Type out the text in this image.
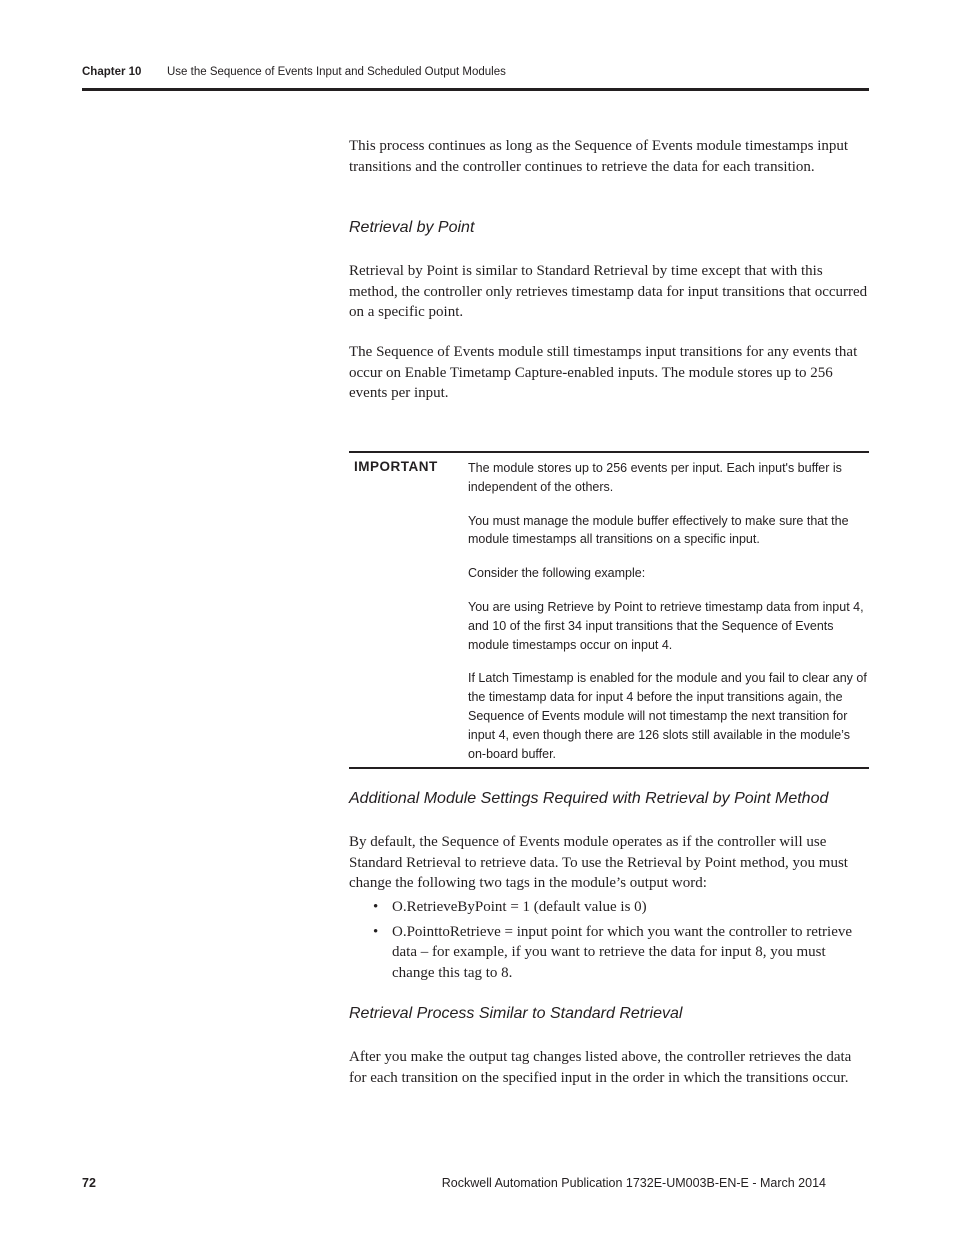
Chapter 10 Use the Sequence of Events Input and Scheduled Output Modules
This process continues as long as the Sequence of Events module timestamps input transitions and the controller continues to retrieve the data for each transition.
Retrieval by Point
Retrieval by Point is similar to Standard Retrieval by time except that with this method, the controller only retrieves timestamp data for input transitions that occurred on a specific point.
The Sequence of Events module still timestamps input transitions for any events that occur on Enable Timetamp Capture-enabled inputs. The module stores up to 256 events per input.
IMPORTANT The module stores up to 256 events per input. Each input's buffer is independent of the others.

You must manage the module buffer effectively to make sure that the module timestamps all transitions on a specific input.

Consider the following example:

You are using Retrieve by Point to retrieve timestamp data from input 4, and 10 of the first 34 input transitions that the Sequence of Events module timestamps occur on input 4.

If Latch Timestamp is enabled for the module and you fail to clear any of the timestamp data for input 4 before the input transitions again, the Sequence of Events module will not timestamp the next transition for input 4, even though there are 126 slots still available in the module’s on-board buffer.

Additional Module Settings Required with Retrieval by Point Method
By default, the Sequence of Events module operates as if the controller will use Standard Retrieval to retrieve data. To use the Retrieval by Point method, you must change the following two tags in the module’s output word:
• O.RetrieveByPoint = 1 (default value is 0)
• O.PointtoRetrieve = input point for which you want the controller to retrieve data – for example, if you want to retrieve the data for input 8, you must change this tag to 8.
Retrieval Process Similar to Standard Retrieval
After you make the output tag changes listed above, the controller retrieves the data for each transition on the specified input in the order in which the transitions occur.
72	Rockwell Automation Publication 1732E-UM003B-EN-E - March 2014
